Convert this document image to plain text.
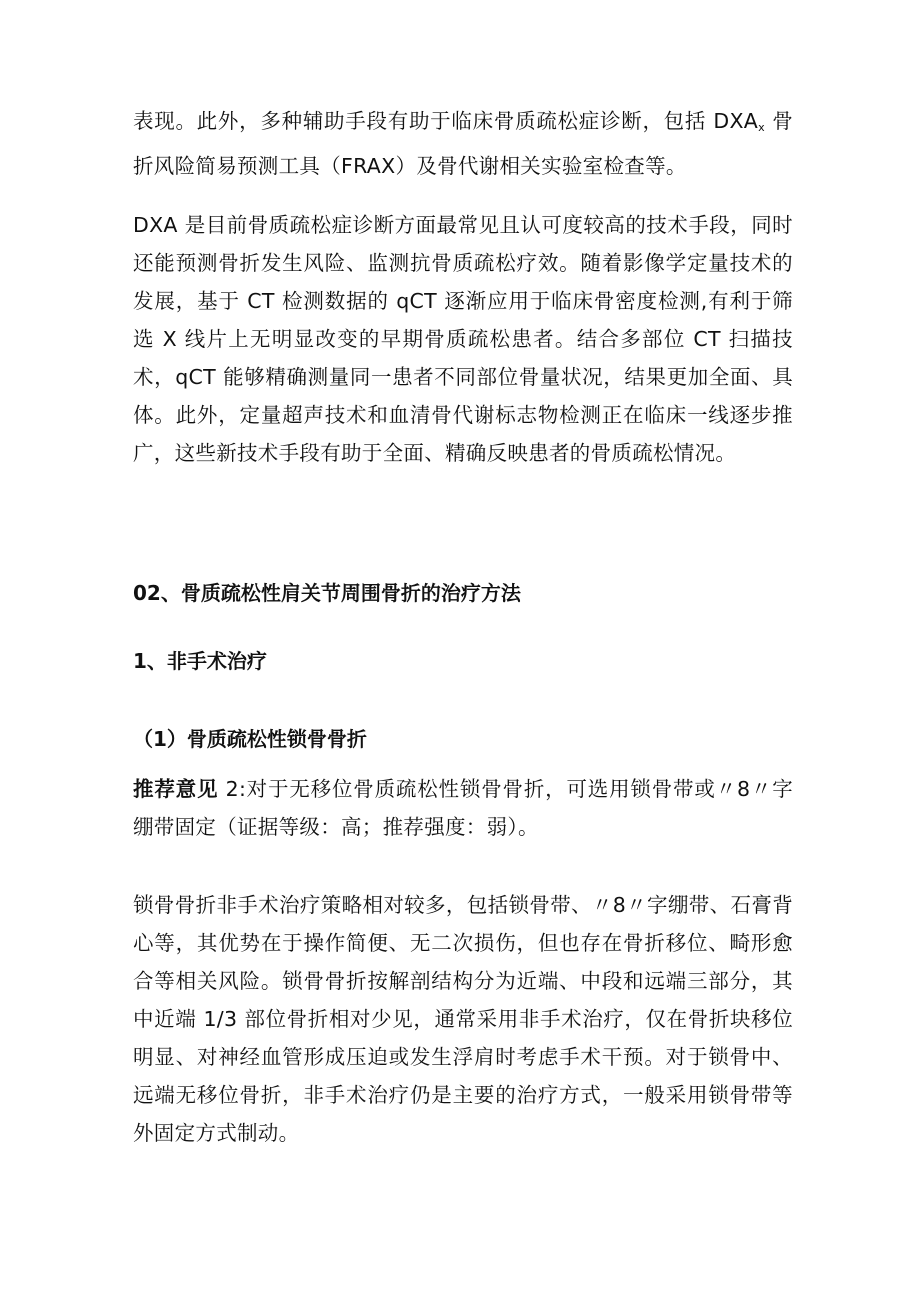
表现。此外，多种辅助手段有助于临床骨质疏松症诊断，包括 $DXA_x$ 骨折风险简易预测工具（FRAX）及骨代谢相关实验室检查等。

DXA 是目前骨质疏松症诊断方面最常见且认可度较高的技术手段，同时还能预测骨折发生风险、监测抗骨质疏松疗效。随着影像学定量技术的发展，基于 CT 检测数据的 qCT 逐渐应用于临床骨密度检测,有利于筛选 X 线片上无明显改变的早期骨质疏松患者。结合多部位 CT 扫描技术，qCT 能够精确测量同一患者不同部位骨量状况，结果更加全面、具体。此外，定量超声技术和血清骨代谢标志物检测正在临床一线逐步推广，这些新技术手段有助于全面、精确反映患者的骨质疏松情况。

02、骨质疏松性肩关节周围骨折的治疗方法
1、非手术治疗
（1）骨质疏松性锁骨骨折

推荐意见 2:对于无移位骨质疏松性锁骨骨折，可选用锁骨带或〃8〃字绷带固定（证据等级：高；推荐强度：弱）。

锁骨骨折非手术治疗策略相对较多，包括锁骨带、〃8〃字绷带、石膏背心等，其优势在于操作简便、无二次损伤，但也存在骨折移位、畸形愈合等相关风险。锁骨骨折按解剖结构分为近端、中段和远端三部分，其中近端 1/3 部位骨折相对少见，通常采用非手术治疗，仅在骨折块移位明显、对神经血管形成压迫或发生浮肩时考虑手术干预。对于锁骨中、远端无移位骨折，非手术治疗仍是主要的治疗方式，一般采用锁骨带等外固定方式制动。
